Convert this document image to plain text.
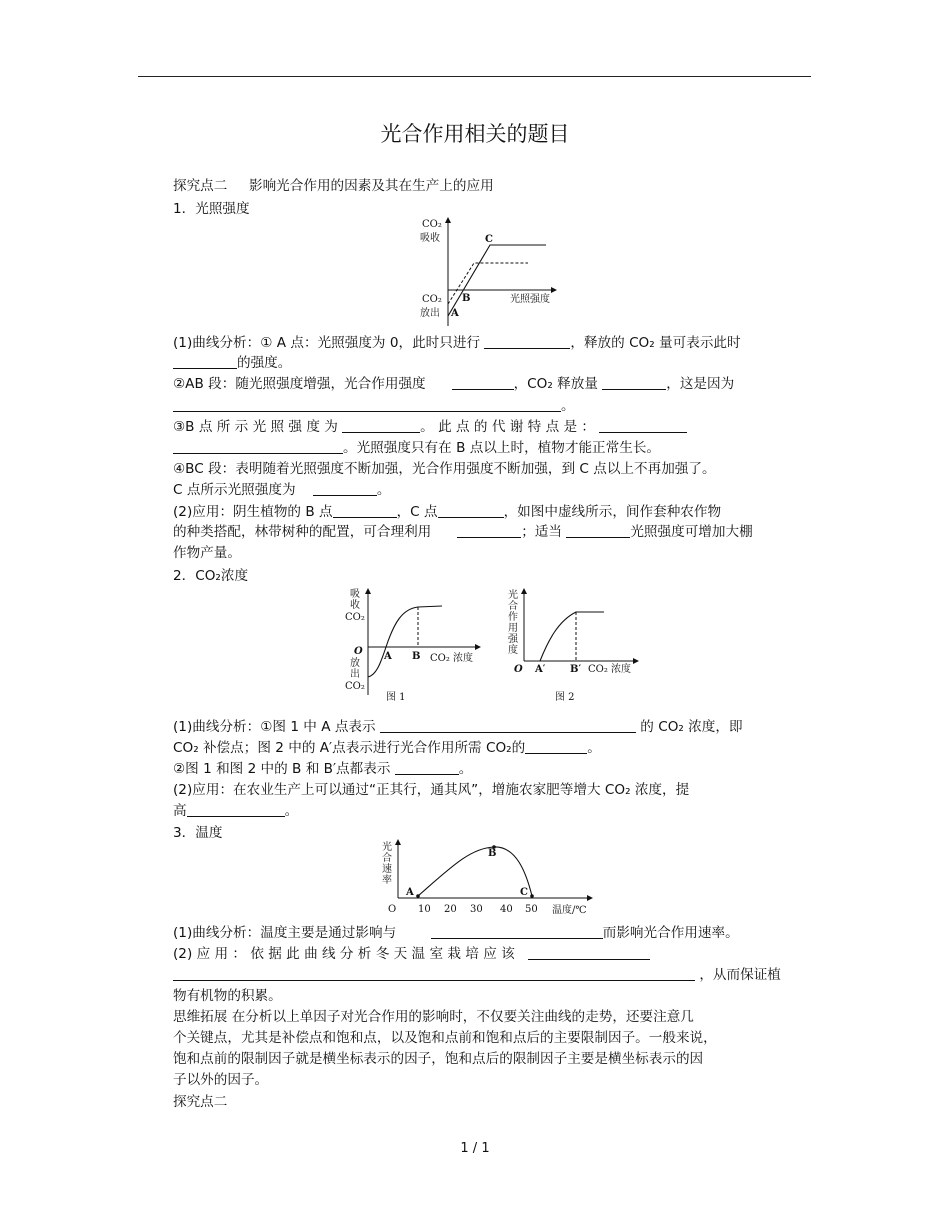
光合作用相关的题目
探究点二 影响光合作用的因素及其在生产上的应用
1．光照强度
CO₂
吸收
CO₂
放出 A
B
C
光照强度
(1)曲线分析：① A 点：光照强度为 0，此时只进行	，释放的 CO₂ 量可表示此时
的强度。
②AB 段：随光照强度增强，光合作用强度	，CO₂ 释放量	，这是因为
。
③B 点 所 示 光 照 强 度 为	。 此 点 的 代 谢 特 点 是 ：
。光照强度只有在 B 点以上时，植物才能正常生长。
④BC 段：表明随着光照强度不断加强，光合作用强度不断加强，到 C 点以上不再加强了。
C 点所示光照强度为	。
(2)应用：阴生植物的 B 点	，C 点	，如图中虚线所示，间作套种农作物
的种类搭配，林带树种的配置，可合理利用	；适当	光照强度可增加大棚
作物产量。
2．CO₂浓度
吸
收
CO₂
O
放
出
CO₂
A B CO₂ 浓度
图 1
光
合
作
用
强
度
O A′ B′ CO₂ 浓度
图 2
(1)曲线分析：①图 1 中 A 点表示	的 CO₂ 浓度，即
CO₂ 补偿点；图 2 中的 A′点表示进行光合作用所需 CO₂的	。
②图 1 和图 2 中的 B 和 B′点都表示	。
(2)应用：在农业生产上可以通过“正其行，通其风”，增施农家肥等增大 CO₂ 浓度，提
高	。
3．温度
光
合
速
率
A
B
C
O 10 20 30 40 50 温度/℃
(1)曲线分析：温度主要是通过影响与	而影响光合作用速率。
(2) 应 用 ： 依 据 此 曲 线 分 析 冬 天 温 室 栽 培 应 该
，从而保证植
物有机物的积累。
思维拓展 在分析以上单因子对光合作用的影响时，不仅要关注曲线的走势，还要注意几
个关键点，尤其是补偿点和饱和点，以及饱和点前和饱和点后的主要限制因子。一般来说，
饱和点前的限制因子就是横坐标表示的因子，饱和点后的限制因子主要是横坐标表示的因
子以外的因子。
探究点二
1 / 1
